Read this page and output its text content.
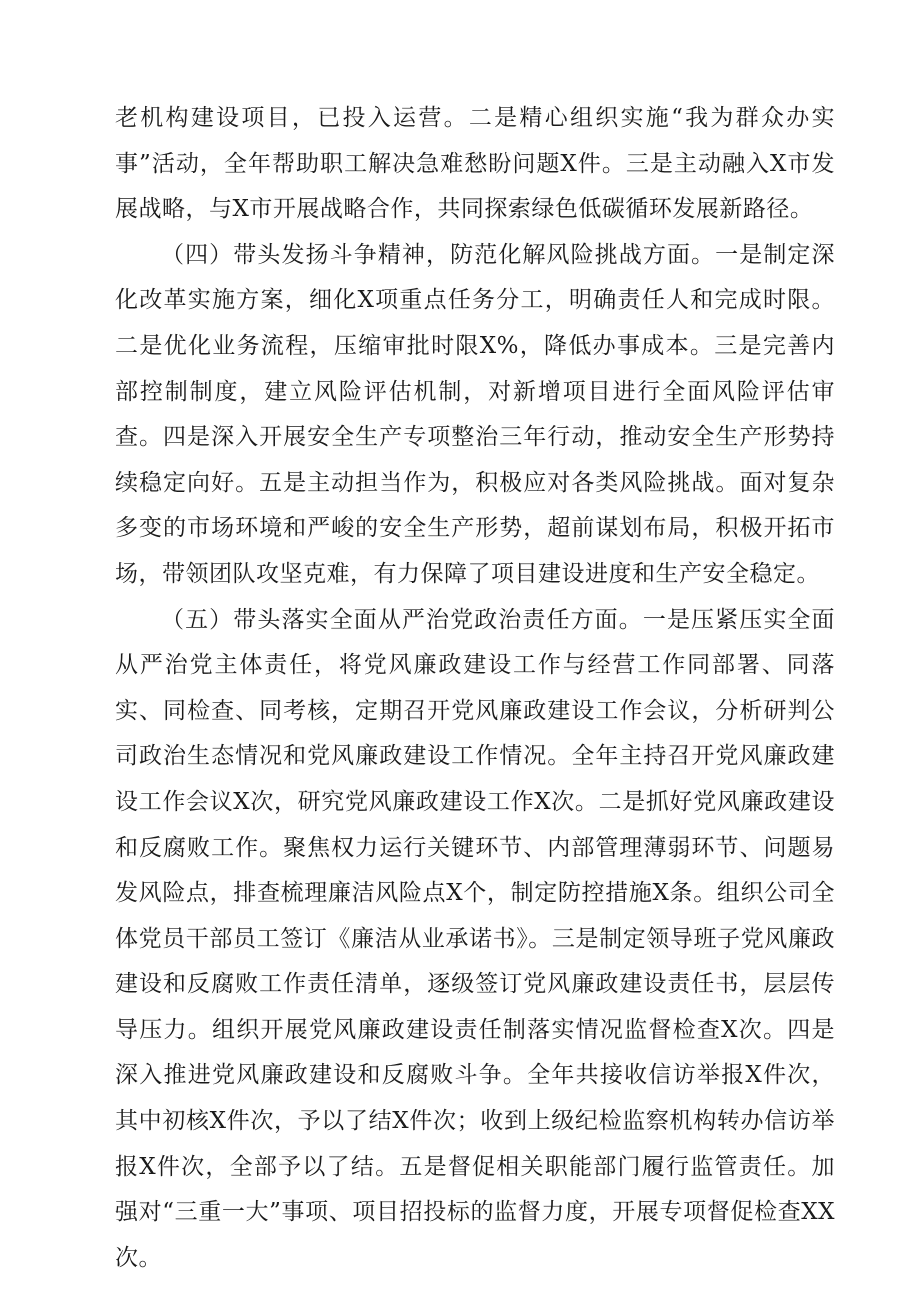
老机构建设项目，已投入运营。二是精心组织实施“我为群众办实事”活动，全年帮助职工解决急难愁盼问题X件。三是主动融入X市发展战略，与X市开展战略合作，共同探索绿色低碳循环发展新路径。

（四）带头发扬斗争精神，防范化解风险挑战方面。一是制定深化改革实施方案，细化X项重点任务分工，明确责任人和完成时限。二是优化业务流程，压缩审批时限X%，降低办事成本。三是完善内部控制制度，建立风险评估机制，对新增项目进行全面风险评估审查。四是深入开展安全生产专项整治三年行动，推动安全生产形势持续稳定向好。五是主动担当作为，积极应对各类风险挑战。面对复杂多变的市场环境和严峻的安全生产形势，超前谋划布局，积极开拓市场，带领团队攻坚克难，有力保障了项目建设进度和生产安全稳定。

（五）带头落实全面从严治党政治责任方面。一是压紧压实全面从严治党主体责任，将党风廉政建设工作与经营工作同部署、同落实、同检查、同考核，定期召开党风廉政建设工作会议，分析研判公司政治生态情况和党风廉政建设工作情况。全年主持召开党风廉政建设工作会议X次，研究党风廉政建设工作X次。二是抓好党风廉政建设和反腐败工作。聚焦权力运行关键环节、内部管理薄弱环节、问题易发风险点，排查梳理廉洁风险点X个，制定防控措施X条。组织公司全体党员干部员工签订《廉洁从业承诺书》。三是制定领导班子党风廉政建设和反腐败工作责任清单，逐级签订党风廉政建设责任书，层层传导压力。组织开展党风廉政建设责任制落实情况监督检查X次。四是深入推进党风廉政建设和反腐败斗争。全年共接收信访举报X件次，其中初核X件次，予以了结X件次；收到上级纪检监察机构转办信访举报X件次，全部予以了结。五是督促相关职能部门履行监管责任。加强对“三重一大”事项、项目招投标的监督力度，开展专项督促检查XX次。
